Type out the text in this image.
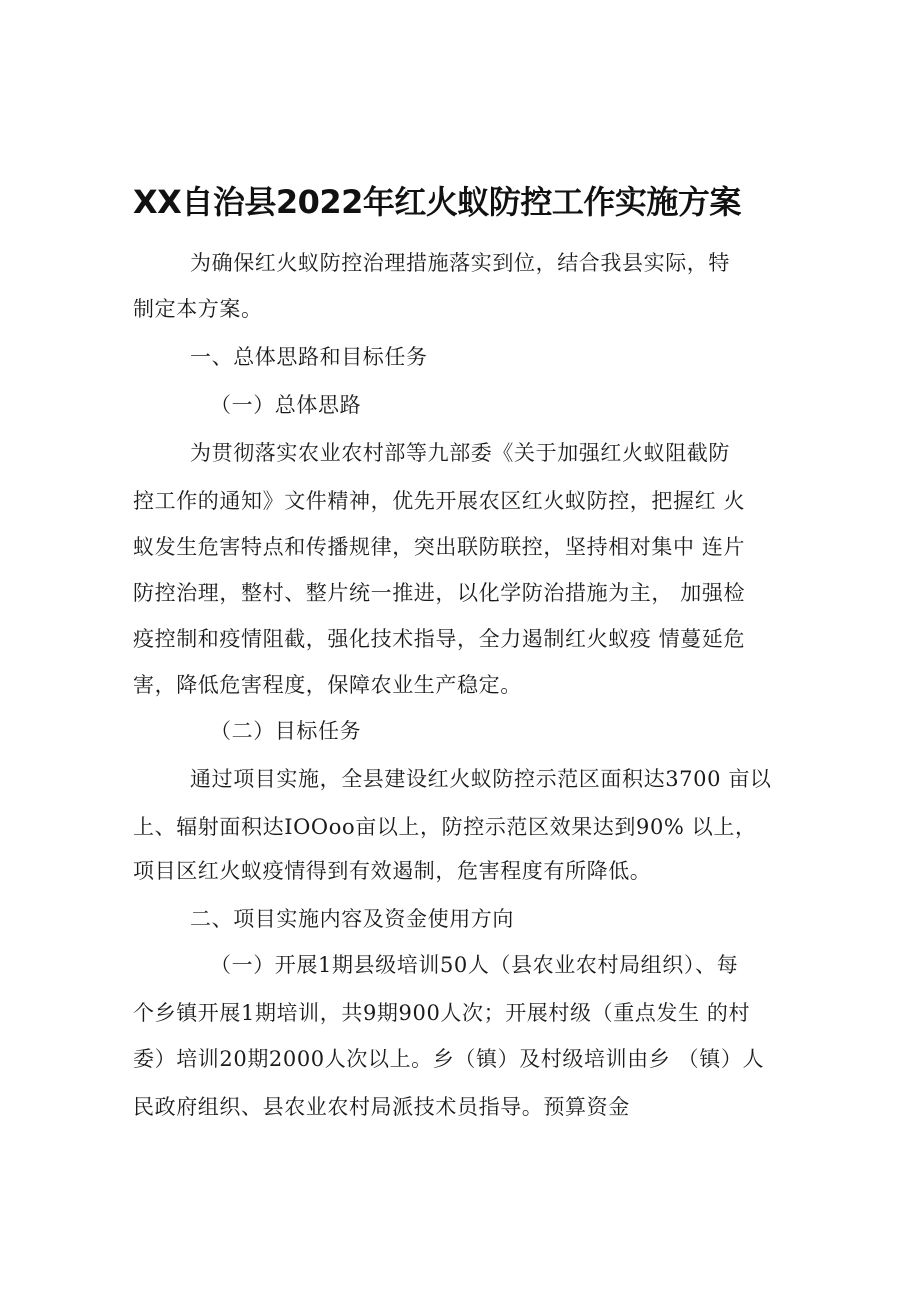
XX自治县2022年红火蚁防控工作实施方案
为确保红火蚁防控治理措施落实到位，结合我县实际，特
制定本方案。
一、总体思路和目标任务
（一）总体思路
为贯彻落实农业农村部等九部委《关于加强红火蚁阻截防
控工作的通知》文件精神，优先开展农区红火蚁防控，把握红 火
蚁发生危害特点和传播规律，突出联防联控，坚持相对集中 连片
防控治理，整村、整片统一推进，以化学防治措施为主， 加强检
疫控制和疫情阻截，强化技术指导，全力遏制红火蚁疫 情蔓延危
害，降低危害程度，保障农业生产稳定。
（二）目标任务
通过项目实施，全县建设红火蚁防控示范区面积达3700 亩以
上、辐射面积达IOOoo亩以上，防控示范区效果达到90% 以上，
项目区红火蚁疫情得到有效遏制，危害程度有所降低。
二、项目实施内容及资金使用方向
（一）开展1期县级培训50人（县农业农村局组织）、每
个乡镇开展1期培训，共9期900人次；开展村级（重点发生 的村
委）培训20期2000人次以上。乡（镇）及村级培训由乡 （镇）人
民政府组织、县农业农村局派技术员指导。预算资金
